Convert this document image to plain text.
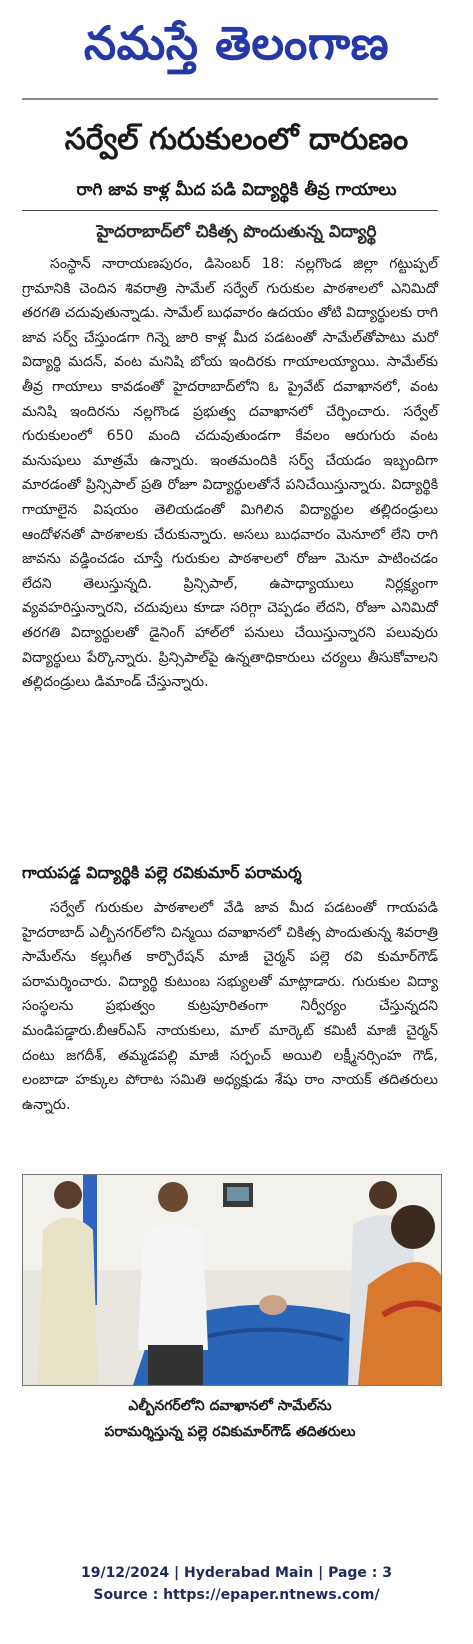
నమస్తే తెలంగాణ
సర్వేల్ గురుకులంలో దారుణం
రాగి జావ కాళ్ల మీద పడి విద్యార్థికి తీవ్ర గాయాలు
హైదరాబాద్‌లో చికిత్స పొందుతున్న విద్యార్థి
సంస్థాన్ నారాయణపురం, డిసెంబర్ 18: నల్లగొండ జిల్లా గట్టుప్పల్ గ్రామానికి చెందిన శివరాత్రి సామేల్ సర్వేల్ గురుకుల పాఠశాలలో ఎనిమిదో తరగతి చదువుతున్నాడు. సామేల్ బుధవారం ఉదయం తోటి విద్యార్థులకు రాగి జావ సర్వ్ చేస్తుండగా గిన్నె జారి కాళ్ల మీద పడటంతో సామేల్‌తోపాటు మరో విద్యార్థి మదన్, వంట మనిషి బోయ ఇందిరకు గాయాలయ్యాయి. సామేల్‌కు తీవ్ర గాయాలు కావడంతో హైదరాబాద్‌లోని ఓ ప్రైవేట్ దవాఖానలో, వంట మనిషి ఇందిరను నల్లగొండ ప్రభుత్వ దవాఖానలో చేర్పించారు. సర్వేల్ గురుకులంలో 650 మంది చదువుతుండగా కేవలం ఆరుగురు వంట మనుషులు మాత్రమే ఉన్నారు. ఇంతమందికి సర్వ్ చేయడం ఇబ్బందిగా మారడంతో ప్రిన్సిపాల్ ప్రతి రోజూ విద్యార్థులతోనే పనిచేయిస్తున్నారు. విద్యార్థికి గాయాలైన విషయం తెలియడంతో మిగిలిన విద్యార్థుల తల్లిదండ్రులు ఆందోళనతో పాఠశాలకు చేరుకున్నారు. అసలు బుధవారం మెనూలో లేని రాగి జావను వడ్డించడం చూస్తే గురుకుల పాఠశాలలో రోజూ మెనూ పాటించడం లేదని తెలుస్తున్నది. ప్రిన్సిపాల్, ఉపాధ్యాయులు నిర్లక్ష్యంగా వ్యవహరిస్తున్నారని, చదువులు కూడా సరిగ్గా చెప్పడం లేదని, రోజూ ఎనిమిదో తరగతి విద్యార్థులతో డైనింగ్ హాల్‌లో పనులు చేయిస్తున్నారని పలువురు విద్యార్థులు పేర్కొన్నారు. ప్రిన్సిపాల్‌పై ఉన్నతాధికారులు చర్యలు తీసుకోవాలని తల్లిదండ్రులు డిమాండ్ చేస్తున్నారు.
గాయపడ్డ విద్యార్థికి పల్లె రవికుమార్ పరామర్శ
సర్వేల్ గురుకుల పాఠశాలలో వేడి జావ మీద పడటంతో గాయపడి హైదరాబాద్ ఎల్బీనగర్‌లోని చిన్మయి దవాఖానలో చికిత్స పొందుతున్న శివరాత్రి సామేల్‌ను కల్లుగీత కార్పొరేషన్ మాజీ చైర్మన్ పల్లె రవి కుమార్‌గౌడ్ పరామర్శించారు. విద్యార్థి కుటుంబ సభ్యులతో మాట్లాడారు. గురుకుల విద్యా సంస్థలను ప్రభుత్వం కుట్రపూరితంగా నిర్వీర్యం చేస్తున్నదని మండిపడ్డారు.బీఆర్‌ఎస్ నాయకులు, మాల్ మార్కెట్ కమిటీ మాజీ చైర్మన్ దంటు జగదీశ్, తమ్మడపల్లి మాజీ సర్పంచ్ అయిలి లక్ష్మీనర్సింహ గౌడ్, లంబాడా హక్కుల పోరాట సమితి అధ్యక్షుడు శేషు రాం నాయక్ తదితరులు ఉన్నారు.
ఎల్బీనగర్‌లోని దవాఖానలో సామేల్‌ను
పరామర్శిస్తున్న పల్లె రవికుమార్‌గౌడ్ తదితరులు
19/12/2024 | Hyderabad Main | Page : 3
Source : https://epaper.ntnews.com/
